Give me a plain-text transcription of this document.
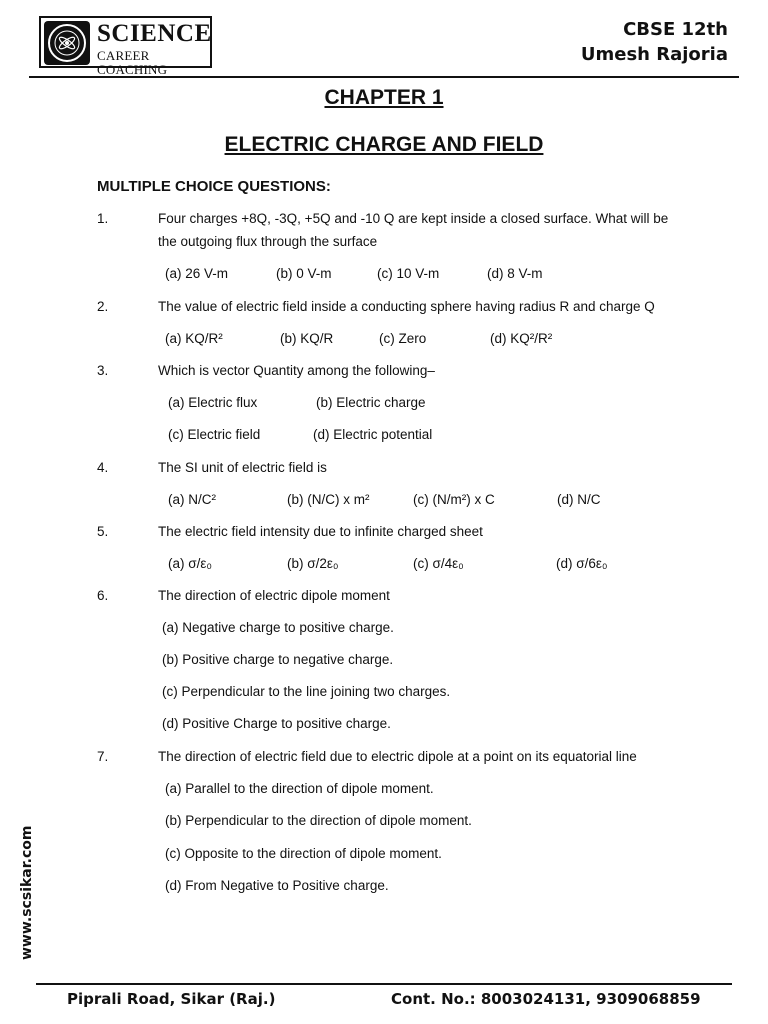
SCIENCE
CAREER COACHING
CBSE 12th
Umesh Rajoria
CHAPTER 1
ELECTRIC CHARGE AND FIELD
MULTIPLE CHOICE QUESTIONS:
1.	Four charges +8Q, -3Q, +5Q and -10 Q are kept inside a closed surface. What will be the outgoing flux through the surface
(a) 26 V-m	(b) 0 V-m	(c) 10 V-m	(d) 8 V-m
2.	The value of electric field inside a conducting sphere having radius R and charge Q
(a) KQ/R²	(b) KQ/R	(c) Zero	(d) KQ²/R²
3.	Which is vector Quantity among the following–
(a) Electric flux	(b) Electric charge
(c) Electric field	(d) Electric potential
4.	The SI unit of electric field is
(a) N/C²	(b) (N/C) x m²	(c) (N/m²) x C	(d) N/C
5.	The electric field intensity due to infinite charged sheet
(a) σ/ε₀	(b) σ/2ε₀	(c) σ/4ε₀	(d) σ/6ε₀
6.	The direction of electric dipole moment
(a) Negative charge to positive charge.
(b) Positive charge to negative charge.
(c) Perpendicular to the line joining two charges.
(d) Positive Charge to positive charge.
7.	The direction of electric field due to electric dipole at a point on its equatorial line
(a) Parallel to the direction of dipole moment.
(b) Perpendicular to the direction of dipole moment.
(c) Opposite to the direction of dipole moment.
(d) From Negative to Positive charge.
www.scsikar.com
Piprali Road, Sikar (Raj.)	Cont. No.: 8003024131, 9309068859
